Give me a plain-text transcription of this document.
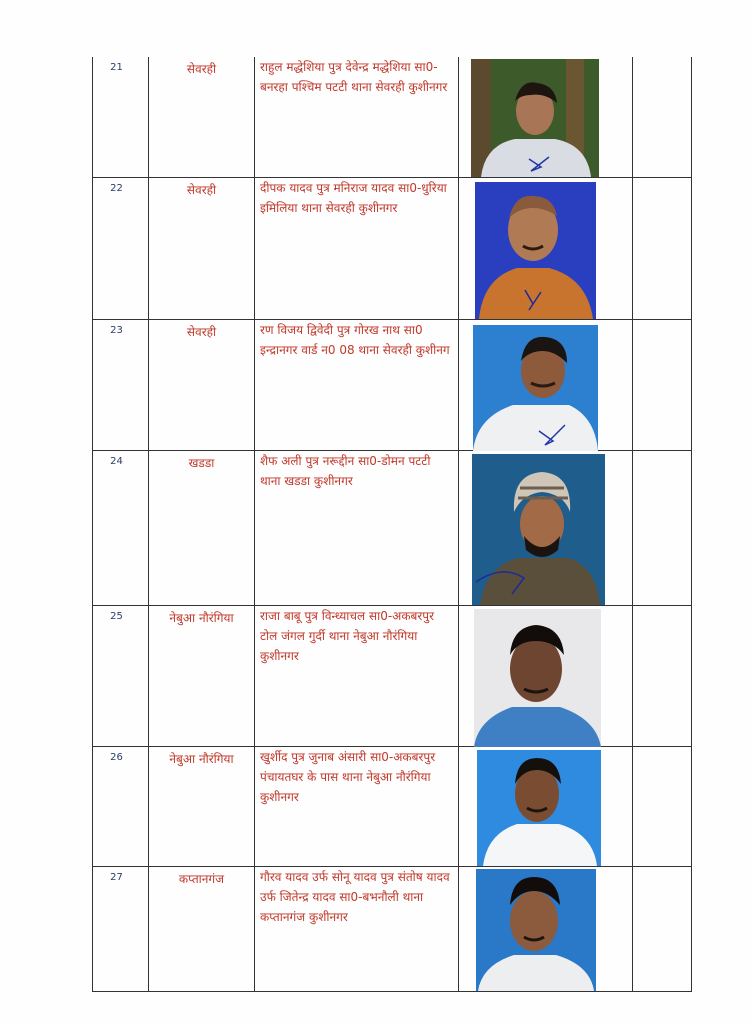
21	सेवरही	राहुल मद्धेशिया पुत्र देवेन्द्र मद्धेशिया सा0-बनरहा पश्चिम पटटी थाना सेवरही कुशीनगर

22	सेवरही	दीपक यादव पुत्र मनिराज यादव सा0-धुरिया इमिलिया थाना सेवरही कुशीनगर

23	सेवरही	रण विजय द्विवेदी पुत्र गोरख नाथ सा0 इन्द्रानगर वार्ड न0 08 थाना सेवरही कुशीनग

24	खडडा	शैफ अली पुत्र नरूद्दीन सा0-डोमन पटटी थाना खडडा कुशीनगर

25	नेबुआ नौरंगिया	राजा बाबू पुत्र विन्ध्याचल सा0-अकबरपुर टोल जंगल गुर्दी थाना नेबुआ नौरंगिया कुशीनगर

26	नेबुआ नौरंगिया	खुर्शीद पुत्र जुनाब अंसारी सा0-अकबरपुर पंचायतघर के पास थाना नेबुआ नौरंगिया कुशीनगर

27	कप्तानगंज	गौरव यादव उर्फ सोनू यादव पुत्र संतोष यादव उर्फ जितेन्द्र यादव सा0-बभनौली थाना कप्तानगंज कुशीनगर
